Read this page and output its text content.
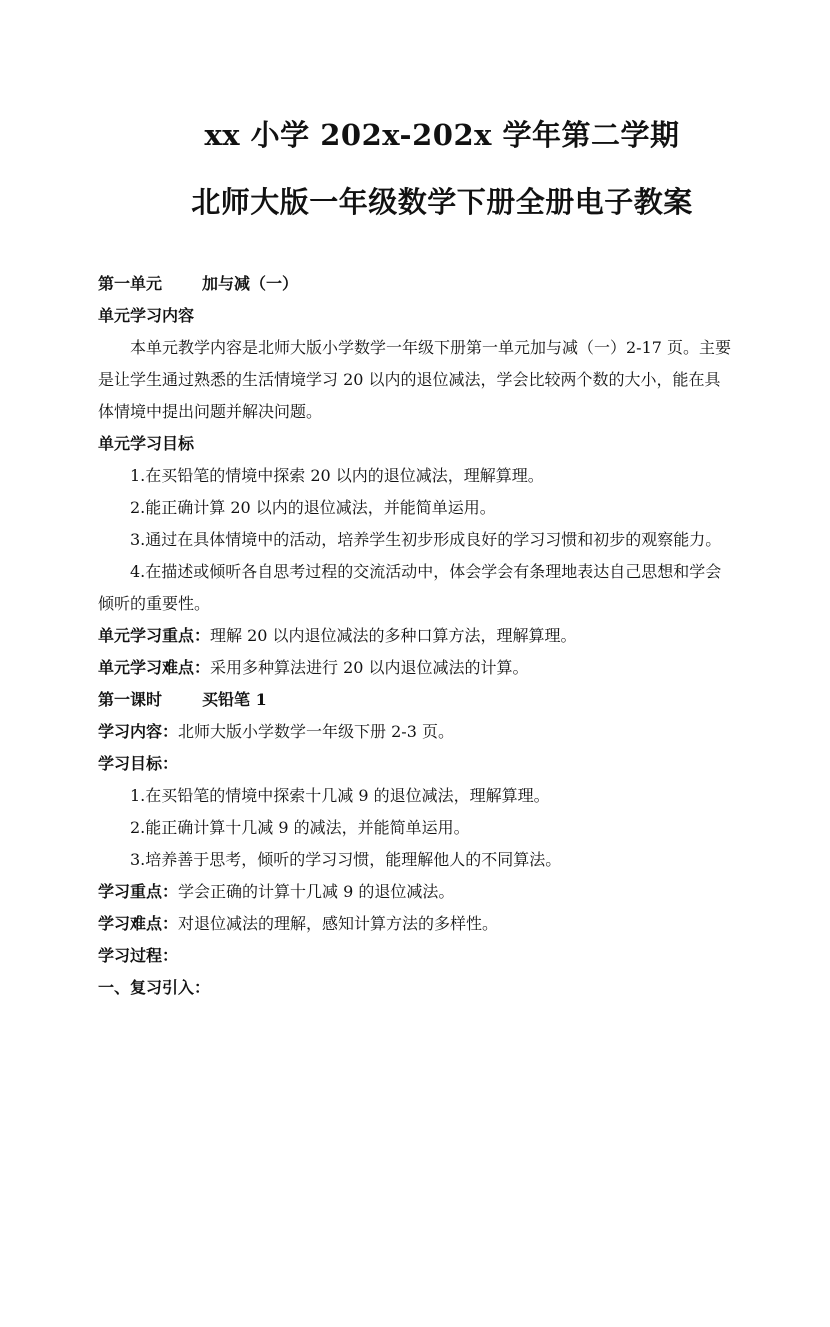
xx 小学 202x-202x 学年第二学期
北师大版一年级数学下册全册电子教案

第一单元	加与减（一）

单元学习内容

本单元教学内容是北师大版小学数学一年级下册第一单元加与减（一）2-17 页。主要是让学生通过熟悉的生活情境学习 20 以内的退位减法，学会比较两个数的大小，能在具体情境中提出问题并解决问题。

单元学习目标

1.在买铅笔的情境中探索 20 以内的退位减法，理解算理。

2.能正确计算 20 以内的退位减法，并能简单运用。

3.通过在具体情境中的活动，培养学生初步形成良好的学习习惯和初步的观察能力。

4.在描述或倾听各自思考过程的交流活动中，体会学会有条理地表达自己思想和学会倾听的重要性。

单元学习重点：理解 20 以内退位减法的多种口算方法，理解算理。

单元学习难点：采用多种算法进行 20 以内退位减法的计算。

第一课时	买铅笔 1

学习内容：北师大版小学数学一年级下册 2-3 页。

学习目标：

1.在买铅笔的情境中探索十几减 9 的退位减法，理解算理。

2.能正确计算十几减 9 的减法，并能简单运用。

3.培养善于思考，倾听的学习习惯，能理解他人的不同算法。

学习重点：学会正确的计算十几减 9 的退位减法。

学习难点：对退位减法的理解，感知计算方法的多样性。

学习过程：

一、复习引入：
